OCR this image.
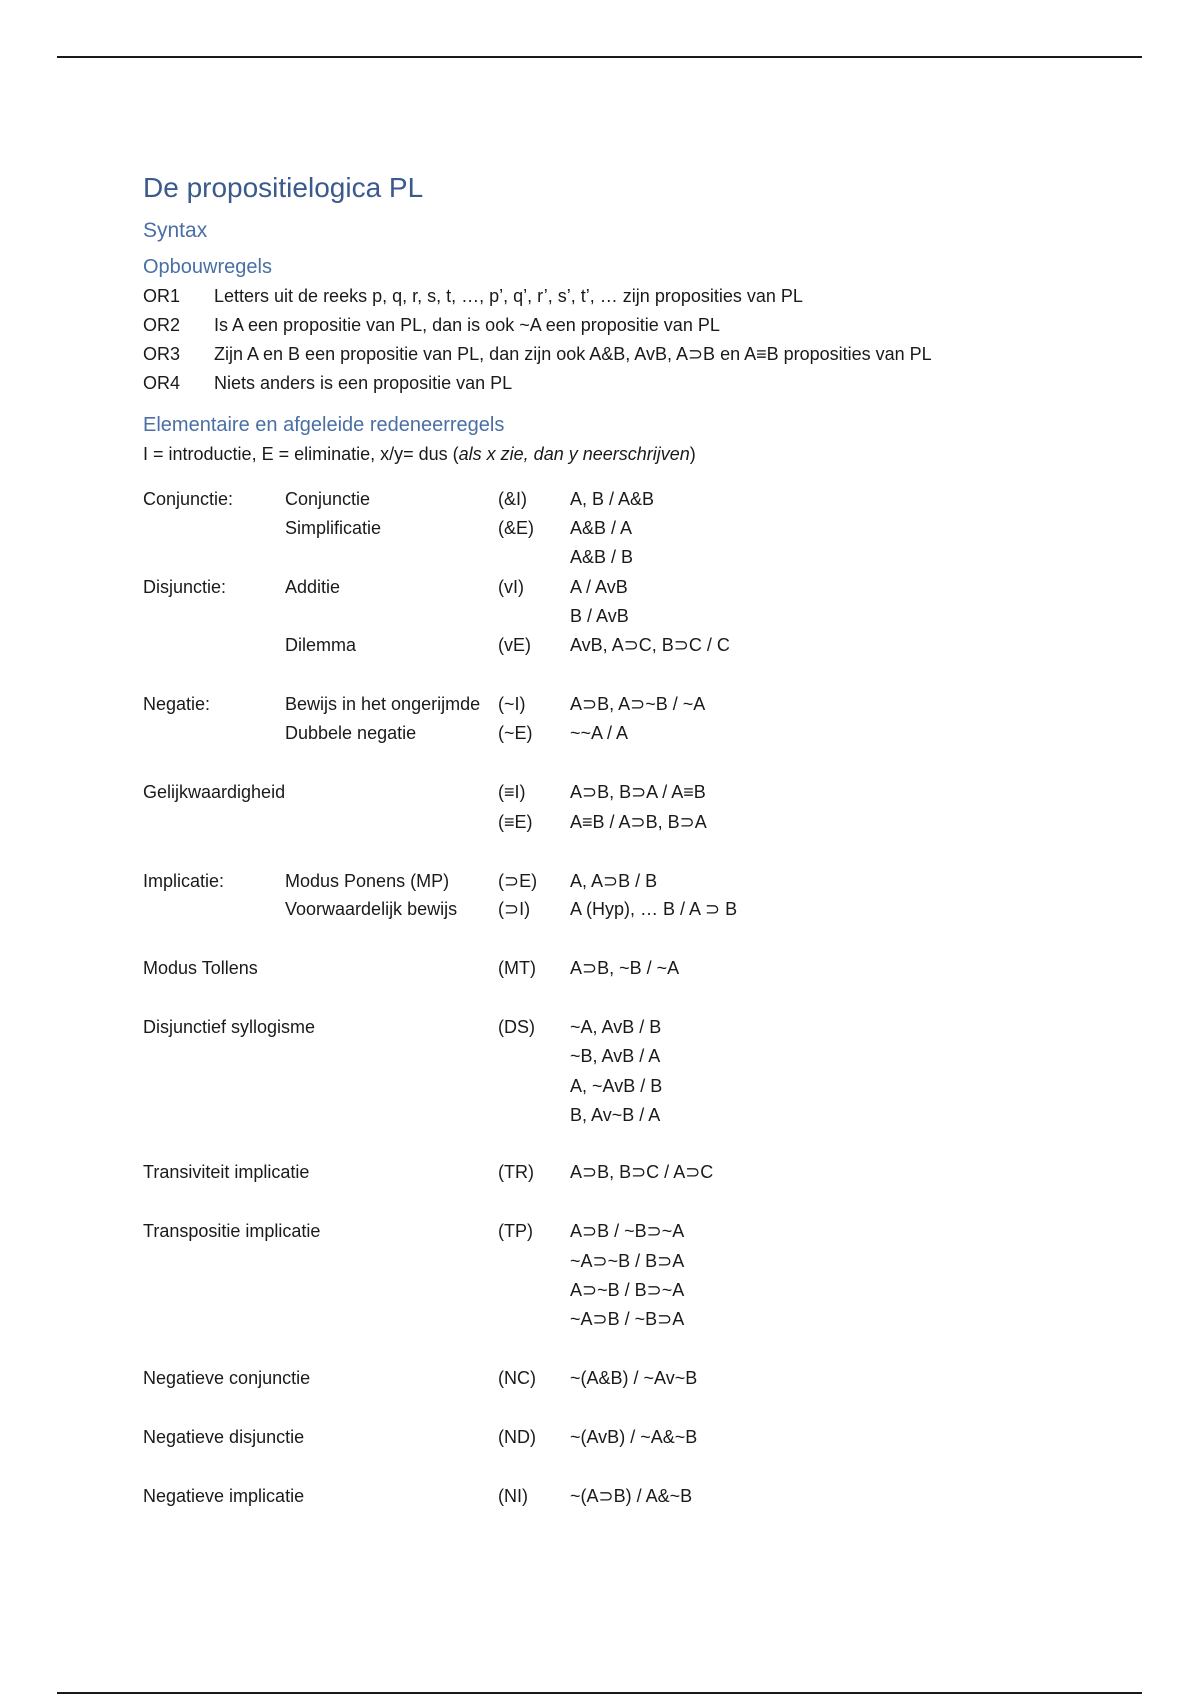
De propositielogica PL
Syntax
Opbouwregels
OR1	Letters uit de reeks p, q, r, s, t, …, p’, q’, r’, s’, t’, … zijn proposities van PL
OR2	Is A een propositie van PL, dan is ook ~A een propositie van PL
OR3	Zijn A en B een propositie van PL, dan zijn ook A&B, AvB, A⊃B en A≡B proposities van PL
OR4	Niets anders is een propositie van PL
Elementaire en afgeleide redeneerregels
I = introductie, E = eliminatie, x/y= dus (als x zie, dan y neerschrijven)
Conjunctie:	Conjunctie	(&I) A, B / A&B
Simplificatie	(&E) A&B / A
A&B / B
Disjunctie:	Additie	(vI)	A / AvB
B / AvB
Dilemma	(vE) AvB, A⊃C, B⊃C / C
Negatie:	Bewijs in het ongerijmde (~I) A⊃B, A⊃~B / ~A
Dubbele negatie	(~E) ~~A / A
Gelijkwaardigheid	(≡I) A⊃B, B⊃A / A≡B
(≡E) A≡B / A⊃B, B⊃A
Implicatie:	Modus Ponens (MP)	(⊃E) A, A⊃B / B
Voorwaardelijk bewijs (⊃I) A (Hyp), … B / A ⊃ B
Modus Tollens	(MT) A⊃B, ~B / ~A
Disjunctief syllogisme	(DS) ~A, AvB / B
~B, AvB / A
A, ~AvB / B
B, Av~B / A
Transiviteit implicatie	(TR) A⊃B, B⊃C / A⊃C
Transpositie implicatie	(TP) A⊃B / ~B⊃~A
~A⊃~B / B⊃A
A⊃~B / B⊃~A
~A⊃B / ~B⊃A
Negatieve conjunctie	(NC) ~(A&B) / ~Av~B
Negatieve disjunctie	(ND) ~(AvB) / ~A&~B
Negatieve implicatie	(NI) ~(A⊃B) / A&~B
